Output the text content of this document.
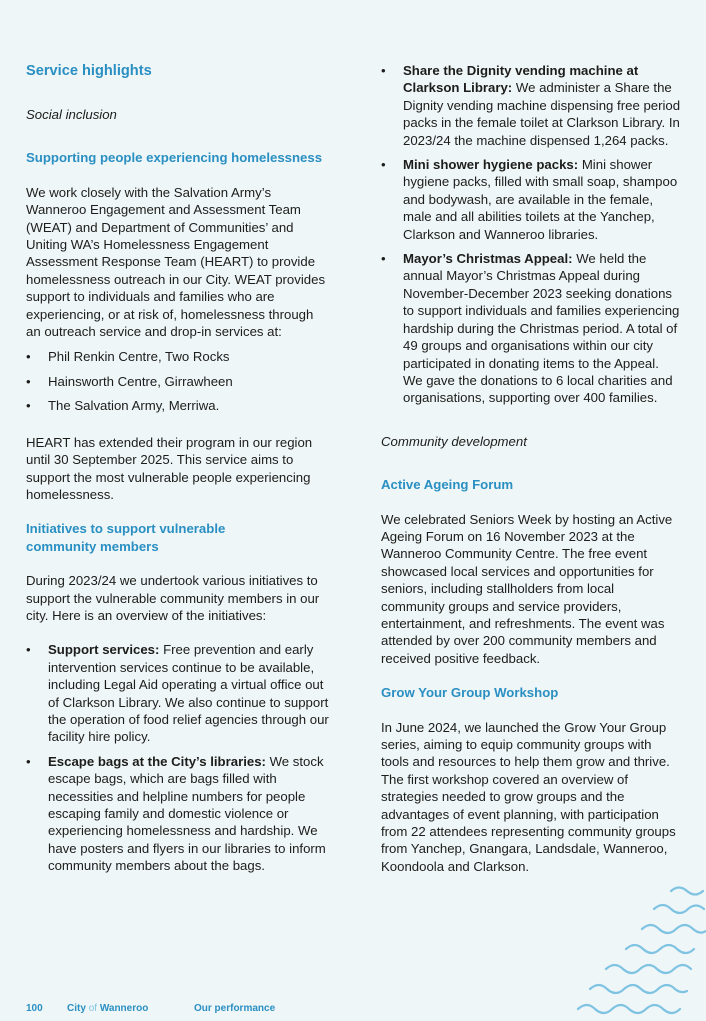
Service highlights

Social inclusion

Supporting people experiencing homelessness

We work closely with the Salvation Army’s Wanneroo Engagement and Assessment Team (WEAT) and Department of Communities’ and Uniting WA’s Homelessness Engagement Assessment Response Team (HEART) to provide homelessness outreach in our City. WEAT provides support to individuals and families who are experiencing, or at risk of, homelessness through an outreach service and drop-in services at:

• Phil Renkin Centre, Two Rocks
• Hainsworth Centre, Girrawheen
• The Salvation Army, Merriwa.

HEART has extended their program in our region until 30 September 2025. This service aims to support the most vulnerable people experiencing homelessness.

Initiatives to support vulnerable

community members

During 2023/24 we undertook various initiatives to support the vulnerable community members in our city. Here is an overview of the initiatives:

• Support services: Free prevention and early intervention services continue to be available, including Legal Aid operating a virtual office out of Clarkson Library. We also continue to support the operation of food relief agencies through our facility hire policy.
• Escape bags at the City’s libraries: We stock escape bags, which are bags filled with necessities and helpline numbers for people escaping family and domestic violence or experiencing homelessness and hardship. We have posters and flyers in our libraries to inform community members about the bags.
• Share the Dignity vending machine at Clarkson Library: We administer a Share the Dignity vending machine dispensing free period packs in the female toilet at Clarkson Library. In 2023/24 the machine dispensed 1,264 packs.
• Mini shower hygiene packs: Mini shower hygiene packs, filled with small soap, shampoo and bodywash, are available in the female, male and all abilities toilets at the Yanchep, Clarkson and Wanneroo libraries.
• Mayor’s Christmas Appeal: We held the annual Mayor’s Christmas Appeal during November-December 2023 seeking donations to support individuals and families experiencing hardship during the Christmas period. A total of 49 groups and organisations within our city participated in donating items to the Appeal. We gave the donations to 6 local charities and organisations, supporting over 400 families.

Community development

Active Ageing Forum

We celebrated Seniors Week by hosting an Active Ageing Forum on 16 November 2023 at the Wanneroo Community Centre. The free event showcased local services and opportunities for seniors, including stallholders from local community groups and service providers, entertainment, and refreshments. The event was attended by over 200 community members and received positive feedback.

Grow Your Group Workshop

In June 2024, we launched the Grow Your Group series, aiming to equip community groups with tools and resources to help them grow and thrive. The first workshop covered an overview of strategies needed to grow groups and the advantages of event planning, with participation from 22 attendees representing community groups from Yanchep, Gnangara, Landsdale, Wanneroo, Koondoola and Clarkson.

100 City of Wanneroo	Our performance
